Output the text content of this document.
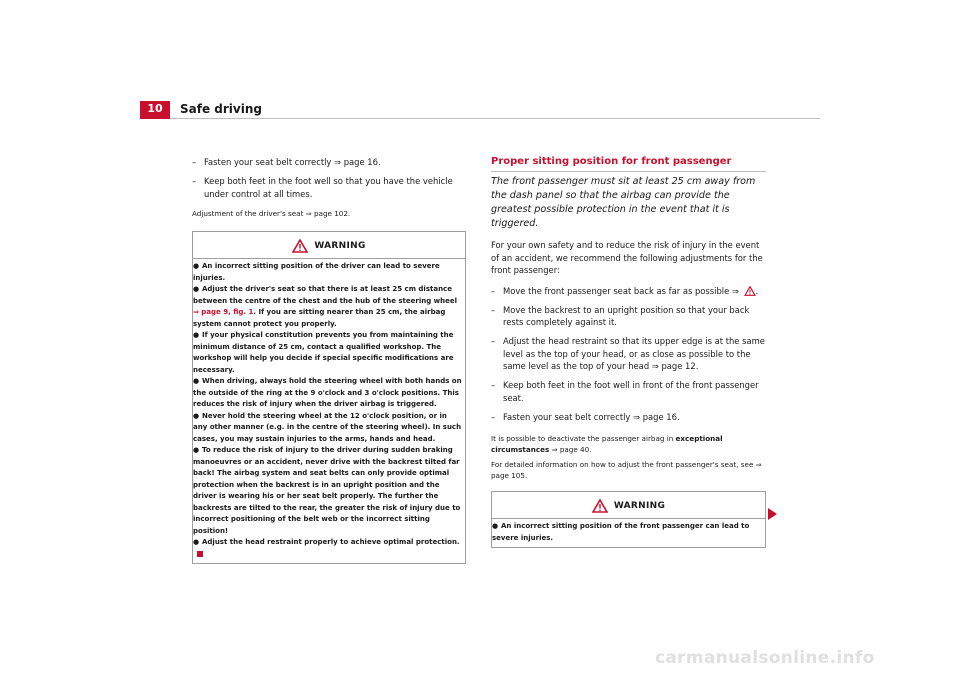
10	Safe driving
– Fasten your seat belt correctly ⇒ page 16.
– Keep both feet in the foot well so that you have the vehicle under control at all times.
Adjustment of the driver's seat ⇒ page 102.
WARNING
● An incorrect sitting position of the driver can lead to severe injuries.
● Adjust the driver's seat so that there is at least 25 cm distance between the centre of the chest and the hub of the steering wheel ⇒ page 9, fig. 1. If you are sitting nearer than 25 cm, the airbag system cannot protect you properly.
● If your physical constitution prevents you from maintaining the minimum distance of 25 cm, contact a qualified workshop. The workshop will help you decide if special specific modifications are necessary.
● When driving, always hold the steering wheel with both hands on the outside of the ring at the 9 o'clock and 3 o'clock positions. This reduces the risk of injury when the driver airbag is triggered.
● Never hold the steering wheel at the 12 o'clock position, or in any other manner (e.g. in the centre of the steering wheel). In such cases, you may sustain injuries to the arms, hands and head.
● To reduce the risk of injury to the driver during sudden braking manoeuvres or an accident, never drive with the backrest tilted far back! The airbag system and seat belts can only provide optimal protection when the backrest is in an upright position and the driver is wearing his or her seat belt properly. The further the backrests are tilted to the rear, the greater the risk of injury due to incorrect positioning of the belt web or the incorrect sitting position!
● Adjust the head restraint properly to achieve optimal protection.
Proper sitting position for front passenger
The front passenger must sit at least 25 cm away from the dash panel so that the airbag can provide the greatest possible protection in the event that it is triggered.
For your own safety and to reduce the risk of injury in the event of an accident, we recommend the following adjustments for the front passenger:
– Move the front passenger seat back as far as possible ⇒ .
– Move the backrest to an upright position so that your back rests completely against it.
– Adjust the head restraint so that its upper edge is at the same level as the top of your head, or as close as possible to the same level as the top of your head ⇒ page 12.
– Keep both feet in the foot well in front of the front passenger seat.
– Fasten your seat belt correctly ⇒ page 16.
It is possible to deactivate the passenger airbag in exceptional circumstances ⇒ page 40.
For detailed information on how to adjust the front passenger's seat, see ⇒ page 105.
WARNING
● An incorrect sitting position of the front passenger can lead to severe injuries.
carmanualsonline.info
